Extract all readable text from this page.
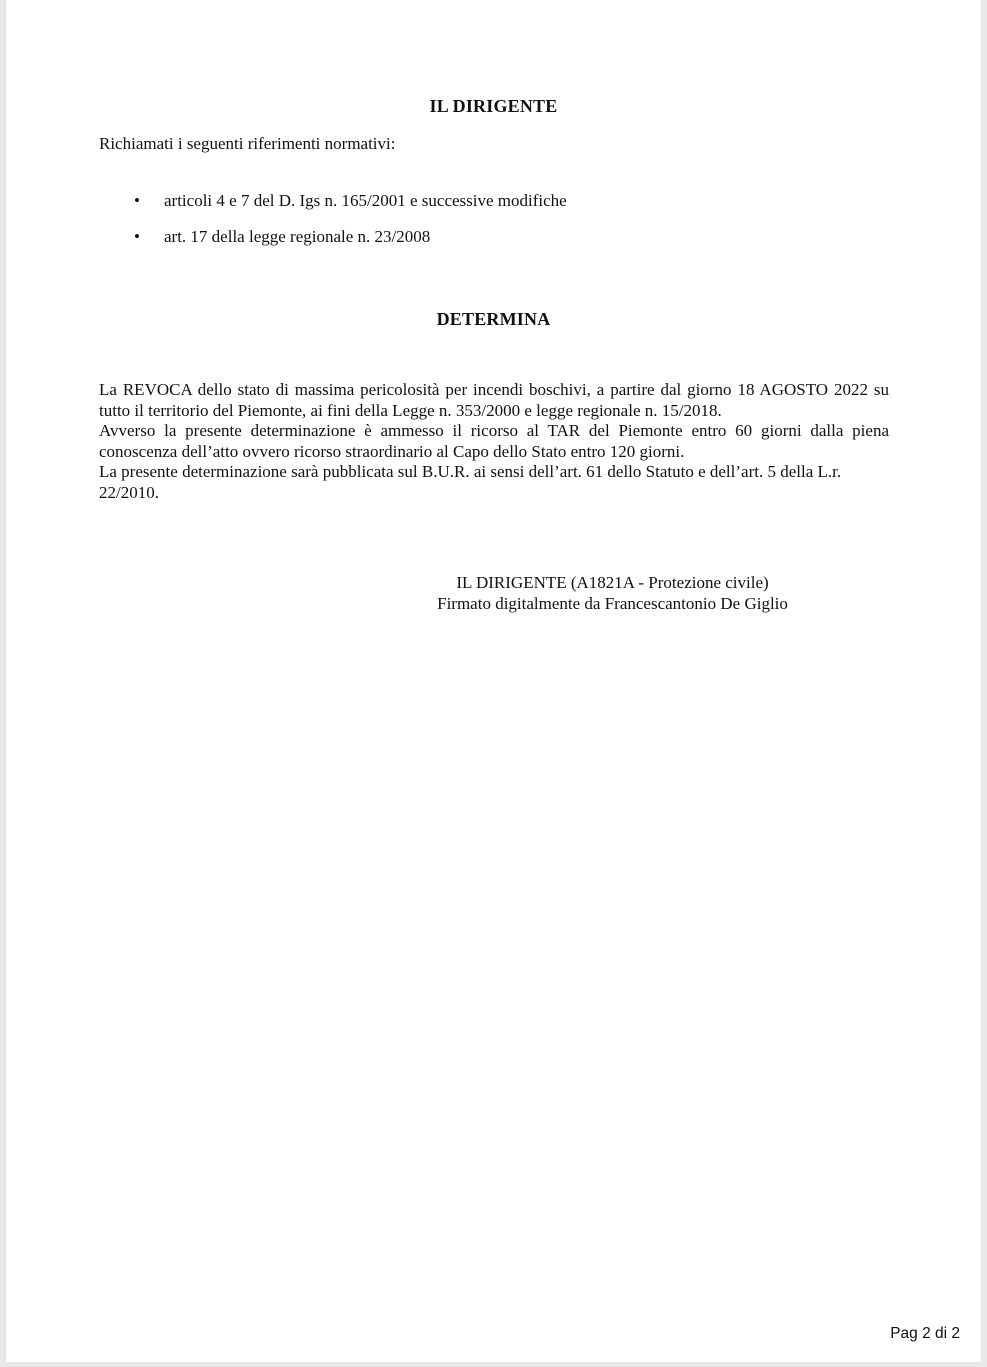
IL DIRIGENTE
Richiamati i seguenti riferimenti normativi:
• articoli 4 e 7 del D. Igs n. 165/2001 e successive modifiche
• art. 17 della legge regionale n. 23/2008
DETERMINA

La REVOCA dello stato di massima pericolosità per incendi boschivi, a partire dal giorno 18 AGOSTO 2022 su tutto il territorio del Piemonte, ai fini della Legge n. 353/2000 e legge regionale n. 15/2018.

Avverso la presente determinazione è ammesso il ricorso al TAR del Piemonte entro 60 giorni dalla piena conoscenza dell’atto ovvero ricorso straordinario al Capo dello Stato entro 120 giorni.

La presente determinazione sarà pubblicata sul B.U.R. ai sensi dell’art. 61 dello Statuto e dell’art. 5 della L.r. 22/2010.

IL DIRIGENTE (A1821A - Protezione civile)
Firmato digitalmente da Francescantonio De Giglio
Pag 2 di 2
